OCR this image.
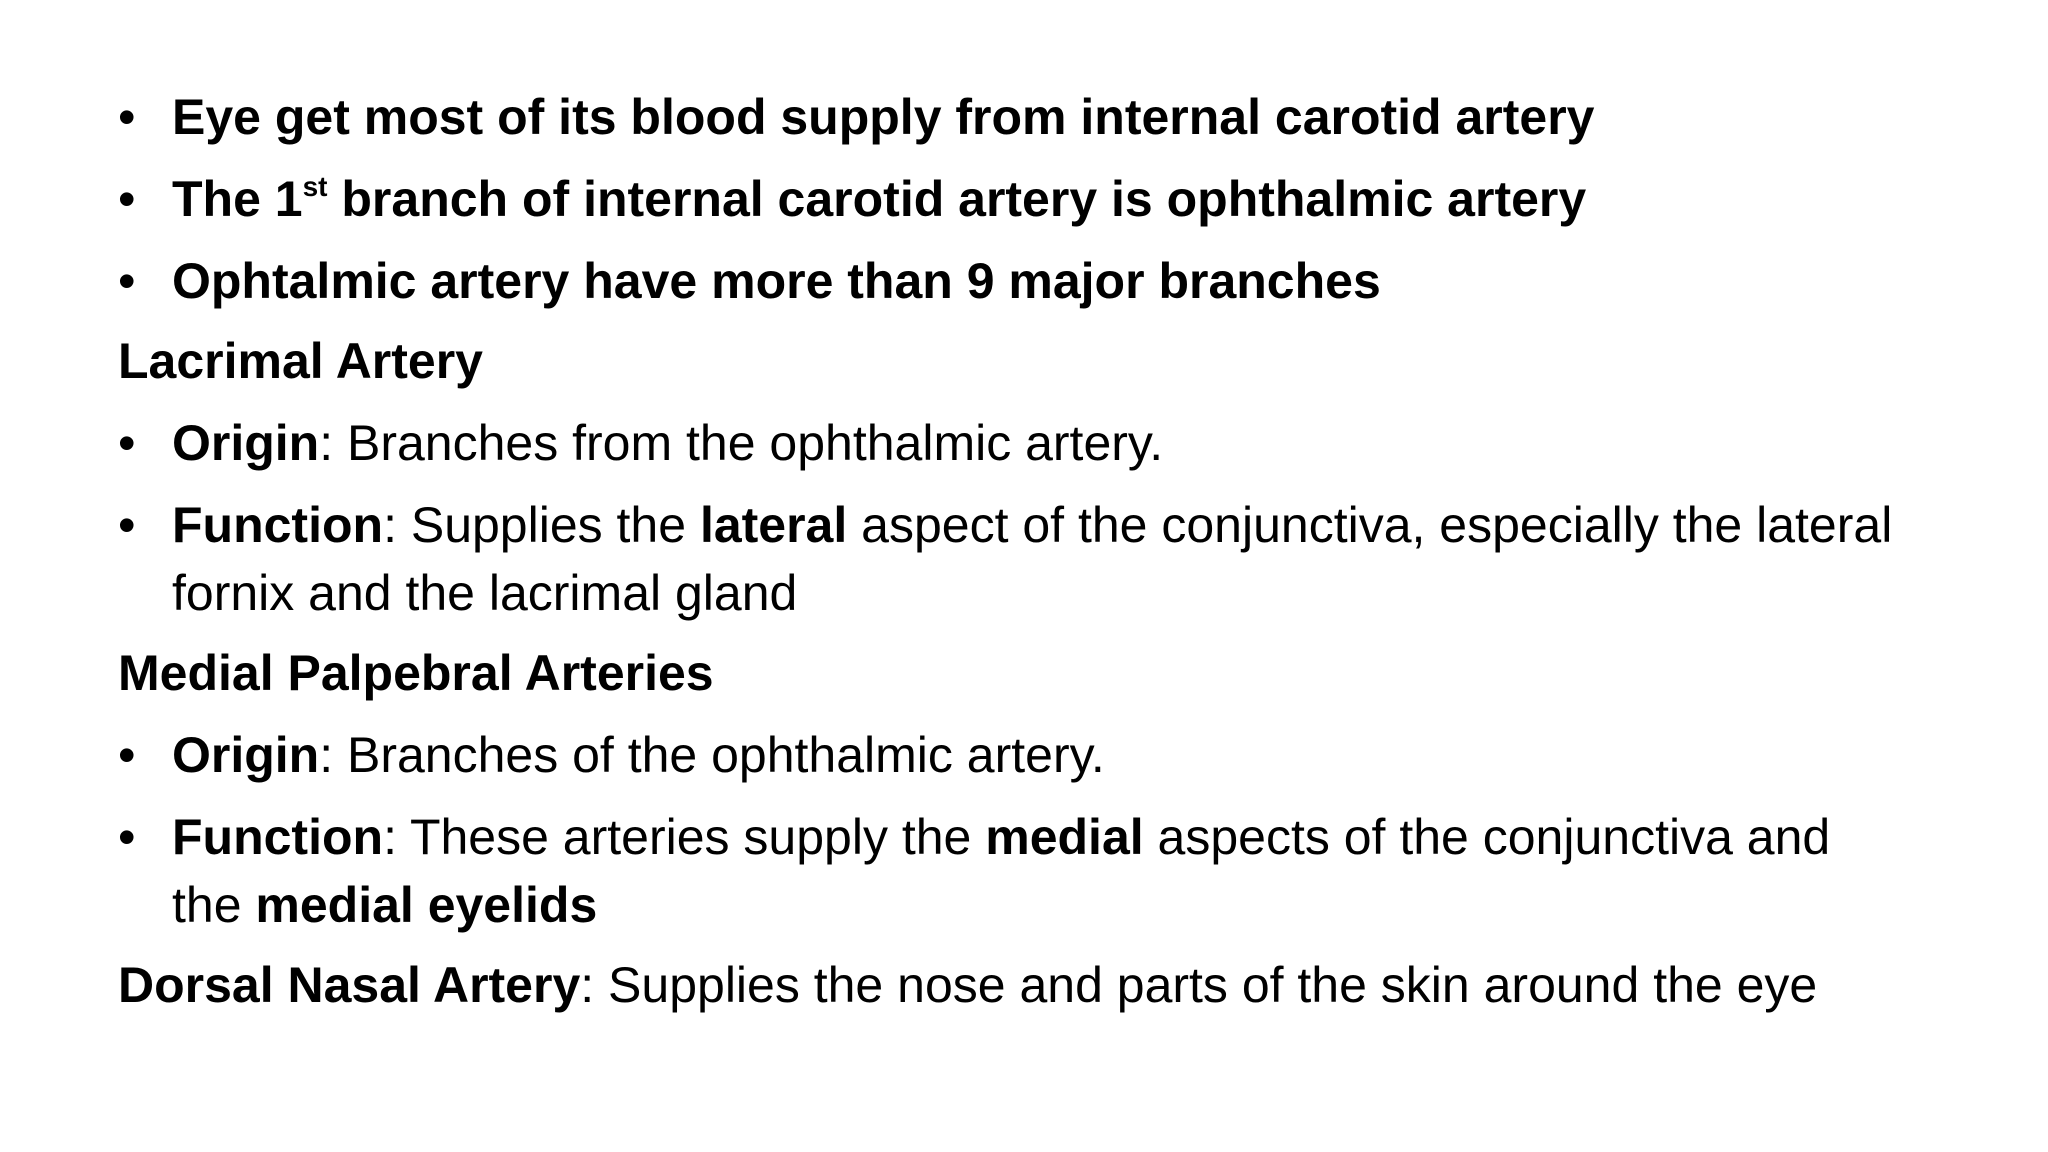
• Eye get most of its blood supply from internal carotid artery
• The 1st branch of internal carotid artery is ophthalmic artery
• Ophtalmic artery have more than 9 major branches
Lacrimal Artery
• Origin: Branches from the ophthalmic artery.
• Function: Supplies the lateral aspect of the conjunctiva, especially the lateral
fornix and the lacrimal gland
Medial Palpebral Arteries
• Origin: Branches of the ophthalmic artery.
• Function: These arteries supply the medial aspects of the conjunctiva and
the medial eyelids
Dorsal Nasal Artery: Supplies the nose and parts of the skin around the eye
